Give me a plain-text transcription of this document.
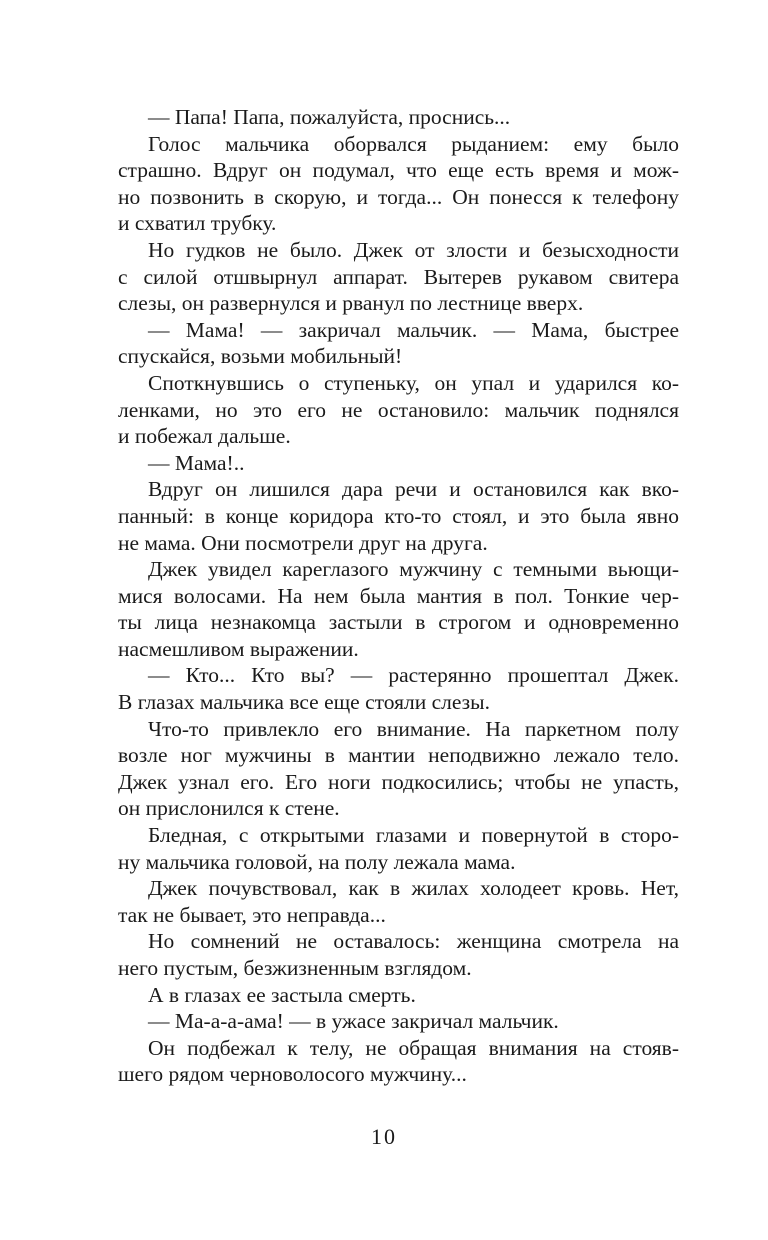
— Папа! Папа, пожалуйста, проснись...
Голос мальчика оборвался рыданием: ему было
страшно. Вдруг он подумал, что еще есть время и мож-
но позвонить в скорую, и тогда... Он понесся к телефону
и схватил трубку.
Но гудков не было. Джек от злости и безысходности
с силой отшвырнул аппарат. Вытерев рукавом свитера
слезы, он развернулся и рванул по лестнице вверх.
— Мама! — закричал мальчик. — Мама, быстрее
спускайся, возьми мобильный!
Споткнувшись о ступеньку, он упал и ударился ко-
ленками, но это его не остановило: мальчик поднялся
и побежал дальше.
— Мама!..
Вдруг он лишился дара речи и остановился как вко-
панный: в конце коридора кто-то стоял, и это была явно
не мама. Они посмотрели друг на друга.
Джек увидел кареглазого мужчину с темными вьющи-
мися волосами. На нем была мантия в пол. Тонкие чер-
ты лица незнакомца застыли в строгом и одновременно
насмешливом выражении.
— Кто... Кто вы? — растерянно прошептал Джек.
В глазах мальчика все еще стояли слезы.
Что-то привлекло его внимание. На паркетном полу
возле ног мужчины в мантии неподвижно лежало тело.
Джек узнал его. Его ноги подкосились; чтобы не упасть,
он прислонился к стене.
Бледная, с открытыми глазами и повернутой в сторо-
ну мальчика головой, на полу лежала мама.
Джек почувствовал, как в жилах холодеет кровь. Нет,
так не бывает, это неправда...
Но сомнений не оставалось: женщина смотрела на
него пустым, безжизненным взглядом.
А в глазах ее застыла смерть.
— Ма-а-а-ама! — в ужасе закричал мальчик.
Он подбежал к телу, не обращая внимания на стояв-
шего рядом черноволосого мужчину...
10
